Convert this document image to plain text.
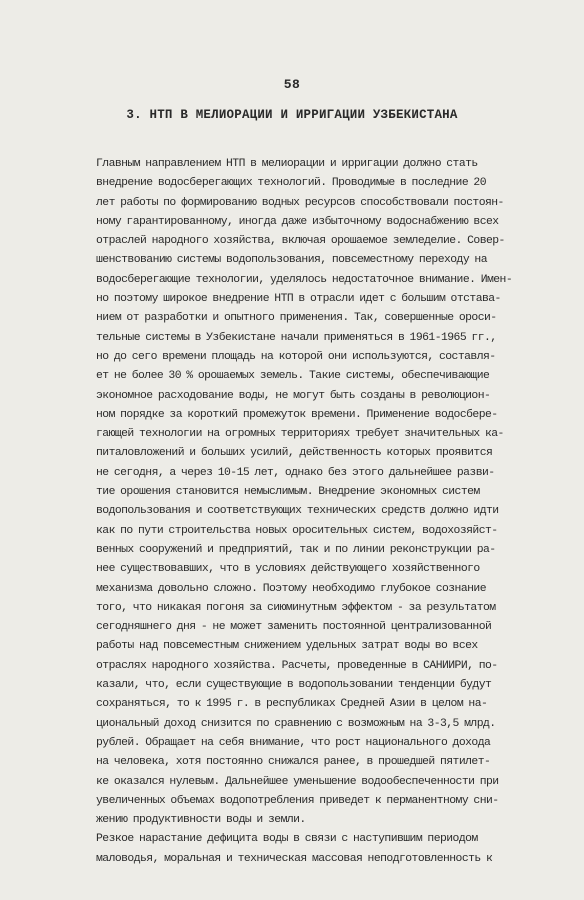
58
3. НТП В МЕЛИОРАЦИИ И ИРРИГАЦИИ УЗБЕКИСТАНА
Главным направлением НТП в мелиорации и ирригации должно стать
внедрение водосберегающих технологий. Проводимые в последние 20
лет работы по формированию водных ресурсов способствовали постоян-
ному гарантированному, иногда даже избыточному водоснабжению всех
отраслей народного хозяйства, включая орошаемое земледелие. Совер-
шенствованию системы водопользования, повсеместному переходу на
водосберегающие технологии, уделялось недостаточное внимание. Имен-
но поэтому широкое внедрение НТП в отрасли идет с большим отставa-
нием от разработки и опытного применения. Так, совершенные ороси-
тельные системы в Узбекистане начали применяться в 1961-1965 гг.,
но до сего времени площадь на которой они используются, составля-
ет не более 30 % орошаемых земель. Такие системы, обеспечивающие
экономное расходование воды, не могут быть созданы в революцион-
ном порядке за короткий промежуток времени. Применение водосбере-
гающей технологии на огромных территориях требует значительных ка-
питаловложений и больших усилий, действенность которых проявится
не сегодня, а через 10-15 лет, однако без этого дальнейшее разви-
тие орошения становится немыслимым. Внедрение экономных систем
водопользования и соответствующих технических средств должно идти
как по пути строительства новых оросительных систем, водохозяйст-
венных сооружений и предприятий, так и по линии реконструкции ра-
нее существовавших, что в условиях действующего хозяйственного
механизма довольно сложно. Поэтому необходимо глубокое сознание
того, что никакая погоня за сиюминутным эффектом - за результатом
сегодняшнего дня - не может заменить постоянной централизованной
работы над повсеместным снижением удельных затрат воды во всех
отраслях народного хозяйства. Расчеты, проведенные в САНИИРИ, по-
казали, что, если существующие в водопользовании тенденции будут
сохраняться, то к 1995 г. в республиках Средней Азии в целом на-
циональный доход снизится по сравнению с возможным на 3-3,5 млрд.
рублей. Обращает на себя внимание, что рост национального дохода
на человека, хотя постоянно снижался ранее, в прошедшей пятилет-
ке оказался нулевым. Дальнейшее уменьшение водообеспеченности при
увеличенных объемах водопотребления приведет к перманентному сни-
жению продуктивности воды и земли.
Резкое нарастание дефицита воды в связи с наступившим периодом
маловодья, моральная и техническая массовая неподготовленность к
